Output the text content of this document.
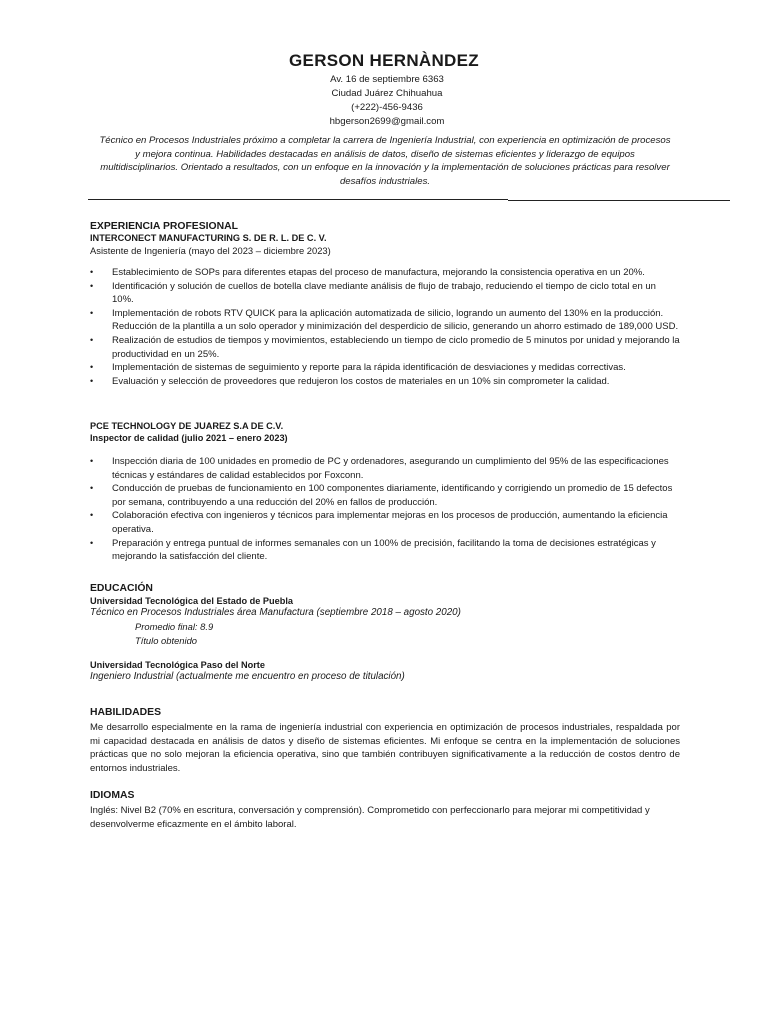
GERSON HERNÀNDEZ
Av. 16 de septiembre 6363
Ciudad Juárez Chihuahua
(+222)-456-9436
hbgerson2699@gmail.com

Técnico en Procesos Industriales próximo a completar la carrera de Ingeniería Industrial, con experiencia en optimización de procesos y mejora continua. Habilidades destacadas en análisis de datos, diseño de sistemas eficientes y liderazgo de equipos multidisciplinarios. Orientado a resultados, con un enfoque en la innovación y la implementación de soluciones prácticas para resolver desafíos industriales.

EXPERIENCIA PROFESIONAL

INTERCONECT MANUFACTURING S. DE R. L. DE C. V.

Asistente de Ingeniería (mayo del 2023 – diciembre 2023)

• Establecimiento de SOPs para diferentes etapas del proceso de manufactura, mejorando la consistencia operativa en un 20%.
• Identificación y solución de cuellos de botella clave mediante análisis de flujo de trabajo, reduciendo el tiempo de ciclo total en un 10%.
• Implementación de robots RTV QUICK para la aplicación automatizada de silicio, logrando un aumento del 130% en la producción. Reducción de la plantilla a un solo operador y minimización del desperdicio de silicio, generando un ahorro estimado de 189,000 USD.
• Realización de estudios de tiempos y movimientos, estableciendo un tiempo de ciclo promedio de 5 minutos por unidad y mejorando la productividad en un 25%.
• Implementación de sistemas de seguimiento y reporte para la rápida identificación de desviaciones y medidas correctivas.
• Evaluación y selección de proveedores que redujeron los costos de materiales en un 10% sin comprometer la calidad.

PCE TECHNOLOGY DE JUAREZ S.A DE C.V.

Inspector de calidad (julio 2021 – enero 2023)

• Inspección diaria de 100 unidades en promedio de PC y ordenadores, asegurando un cumplimiento del 95% de las especificaciones técnicas y estándares de calidad establecidos por Foxconn.
• Conducción de pruebas de funcionamiento en 100 componentes diariamente, identificando y corrigiendo un promedio de 15 defectos por semana, contribuyendo a una reducción del 20% en fallos de producción.
• Colaboración efectiva con ingenieros y técnicos para implementar mejoras en los procesos de producción, aumentando la eficiencia operativa.
• Preparación y entrega puntual de informes semanales con un 100% de precisión, facilitando la toma de decisiones estratégicas y mejorando la satisfacción del cliente.

EDUCACIÓN

Universidad Tecnológica del Estado de Puebla

Técnico en Procesos Industriales área Manufactura (septiembre 2018 – agosto 2020)

Promedio final: 8.9

Título obtenido

Universidad Tecnológica Paso del Norte

Ingeniero Industrial (actualmente me encuentro en proceso de titulación)

HABILIDADES

Me desarrollo especialmente en la rama de ingeniería industrial con experiencia en optimización de procesos industriales, respaldada por mi capacidad destacada en análisis de datos y diseño de sistemas eficientes. Mi enfoque se centra en la implementación de soluciones prácticas que no solo mejoran la eficiencia operativa, sino que también contribuyen significativamente a la reducción de costos dentro de entornos industriales.

IDIOMAS

Inglés: Nivel B2 (70% en escritura, conversación y comprensión). Comprometido con perfeccionarlo para mejorar mi competitividad y desenvolverme eficazmente en el ámbito laboral.
